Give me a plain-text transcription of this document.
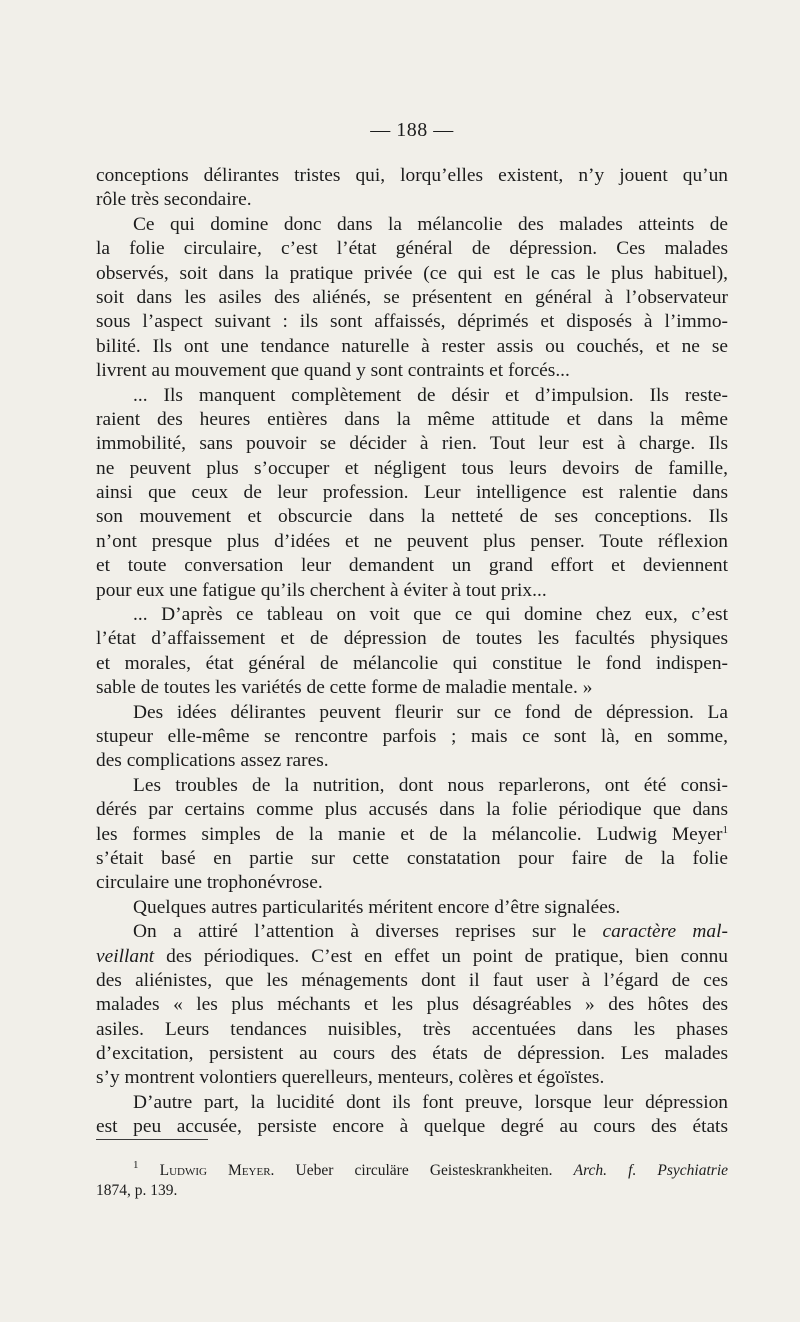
— 188 —
conceptions délirantes tristes qui, lorqu’elles existent, n’y jouent qu’un
rôle très secondaire.
Ce qui domine donc dans la mélancolie des malades atteints de
la folie circulaire, c’est l’état général de dépression. Ces malades
observés, soit dans la pratique privée (ce qui est le cas le plus habituel),
soit dans les asiles des aliénés, se présentent en général à l’observateur
sous l’aspect suivant : ils sont affaissés, déprimés et disposés à l’immo-
bilité. Ils ont une tendance naturelle à rester assis ou couchés, et ne se
livrent au mouvement que quand y sont contraints et forcés...
... Ils manquent complètement de désir et d’impulsion. Ils reste-
raient des heures entières dans la même attitude et dans la même
immobilité, sans pouvoir se décider à rien. Tout leur est à charge. Ils
ne peuvent plus s’occuper et négligent tous leurs devoirs de famille,
ainsi que ceux de leur profession. Leur intelligence est ralentie dans
son mouvement et obscurcie dans la netteté de ses conceptions. Ils
n’ont presque plus d’idées et ne peuvent plus penser. Toute réflexion
et toute conversation leur demandent un grand effort et deviennent
pour eux une fatigue qu’ils cherchent à éviter à tout prix...
... D’après ce tableau on voit que ce qui domine chez eux, c’est
l’état d’affaissement et de dépression de toutes les facultés physiques
et morales, état général de mélancolie qui constitue le fond indispen-
sable de toutes les variétés de cette forme de maladie mentale. »
Des idées délirantes peuvent fleurir sur ce fond de dépression. La
stupeur elle-même se rencontre parfois ; mais ce sont là, en somme,
des complications assez rares.
Les troubles de la nutrition, dont nous reparlerons, ont été consi-
dérés par certains comme plus accusés dans la folie périodique que dans
les formes simples de la manie et de la mélancolie. Ludwig Meyer$^1$
s’était basé en partie sur cette constatation pour faire de la folie
circulaire une trophonévrose.
Quelques autres particularités méritent encore d’être signalées.
On a attiré l’attention à diverses reprises sur le caractère mal-
veillant des périodiques. C’est en effet un point de pratique, bien connu
des aliénistes, que les ménagements dont il faut user à l’égard de ces
malades « les plus méchants et les plus désagréables » des hôtes des
asiles. Leurs tendances nuisibles, très accentuées dans les phases
d’excitation, persistent au cours des états de dépression. Les malades
s’y montrent volontiers querelleurs, menteurs, colères et égoïstes.
D’autre part, la lucidité dont ils font preuve, lorsque leur dépression
est peu accusée, persiste encore à quelque degré au cours des états
$^1$ Ludwig Meyer. Ueber circuläre Geisteskrankheiten. Arch. f. Psychiatrie
1874, p. 139.
